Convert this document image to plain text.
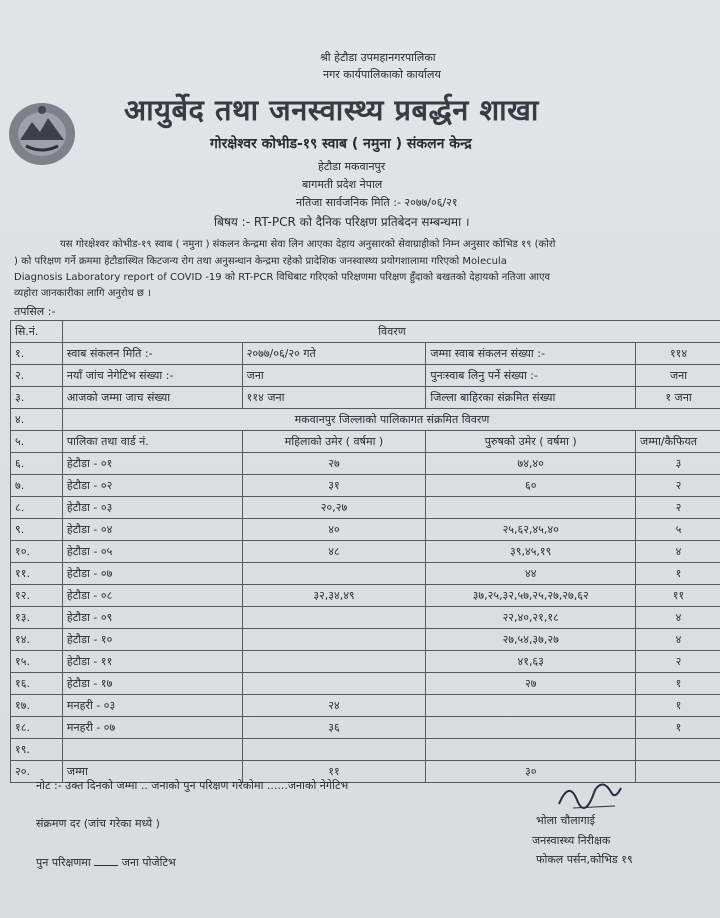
श्री हेटौडा उपमहानगरपालिका
नगर कार्यपालिकाको कार्यालय
आयुर्बेद तथा जनस्वास्थ्य प्रबर्द्धन शाखा
गोरक्षेश्वर कोभीड-१९ स्वाब ( नमुना ) संकलन केन्द्र
हेटौडा मकवानपुर
बागमती प्रदेश नेपाल
नतिजा सार्वजनिक मिति :- २०७७/०६/२१
बिषय :- RT-PCR को दैनिक परिक्षण प्रतिबेदन सम्बन्धमा ।
यस गोरक्षेश्वर कोभीड-१९ स्वाब ( नमुना ) संकलन केन्द्रमा सेवा लिन आएका देहाय अनुसारको सेवाग्राहीको निम्न अनुसार कोभिड १९ (कोरो
) को परिक्षण गर्ने क्रममा हेटौडास्थित किटजन्य रोग तथा अनुसन्धान केन्द्रमा रहेको प्रादेशिक जनस्वास्थ्य प्रयोगशालामा गरिएको Molecula
Diagnosis Laboratory report of COVID -19 को RT-PCR विधिबाट गरिएको परिक्षणमा परिक्षण हुँदाको बखतको देहायको नतिजा आएव
व्यहोरा जानकारीका लागि अनुरोध छ ।
तपसिल :-
सि.नं.	विवरण			
१.	स्वाब संकलन मिति :-	२०७७/०६/२० गते	जम्मा स्वाब संकलन संख्या :-	११४
२.	नयाँ जांच नेगेटिभ संख्या :-	जना	पुनःस्वाब लिनु पर्ने संख्या :-	जना
३.	आजको जम्मा जाच संख्या	११४ जना	जिल्ला बाहिरका संक्रमित संख्या	१ जना
४.	मकवानपुर जिल्लाको पालिकागत संक्रमित विवरण			
५.	पालिका तथा वार्ड नं.	महिलाको उमेर ( वर्षमा )	पुरुषको उमेर ( वर्षमा )	जम्मा/कैफियत
६.	हेटौडा - ०१	२७	७४,४०	३
७.	हेटौडा - ०२	३१	६०	२
८.	हेटौडा - ०३	२०,२७		२
९.	हेटौडा - ०४	४०	२५,६२,४५,४०	५
१०.	हेटौडा - ०५	४८	३९,४५,१९	४
११.	हेटौडा - ०७		४४	१
१२.	हेटौडा - ०८	३२,३४,४९	३७,२५,३२,५७,२५,२७,२७,६२	११
१३.	हेटौडा - ०९		२२,४०,२१,१८	४
१४.	हेटौडा - १०		२७,५४,३७,२७	४
१५.	हेटौडा - ११		४१,६३	२
१६.	हेटौडा - १७		२७	१
१७.	मनहरी - ०३	२४		१
१८.	मनहरी - ०७	३६		१
१९.				
२०.	जम्मा	११	३०	
नोट :- उक्त दिनको जम्मा .. जनाको पुन परिक्षण गरेकोमा ......जनाको नेगेटिभ
संक्रमण दर (जांच गरेका मध्ये )
पुन परिक्षणमा	जना पोजेटिभ
भोला चौलागाई
जनस्वास्थ्य निरीक्षक
फोकल पर्सन,कोभिड १९
